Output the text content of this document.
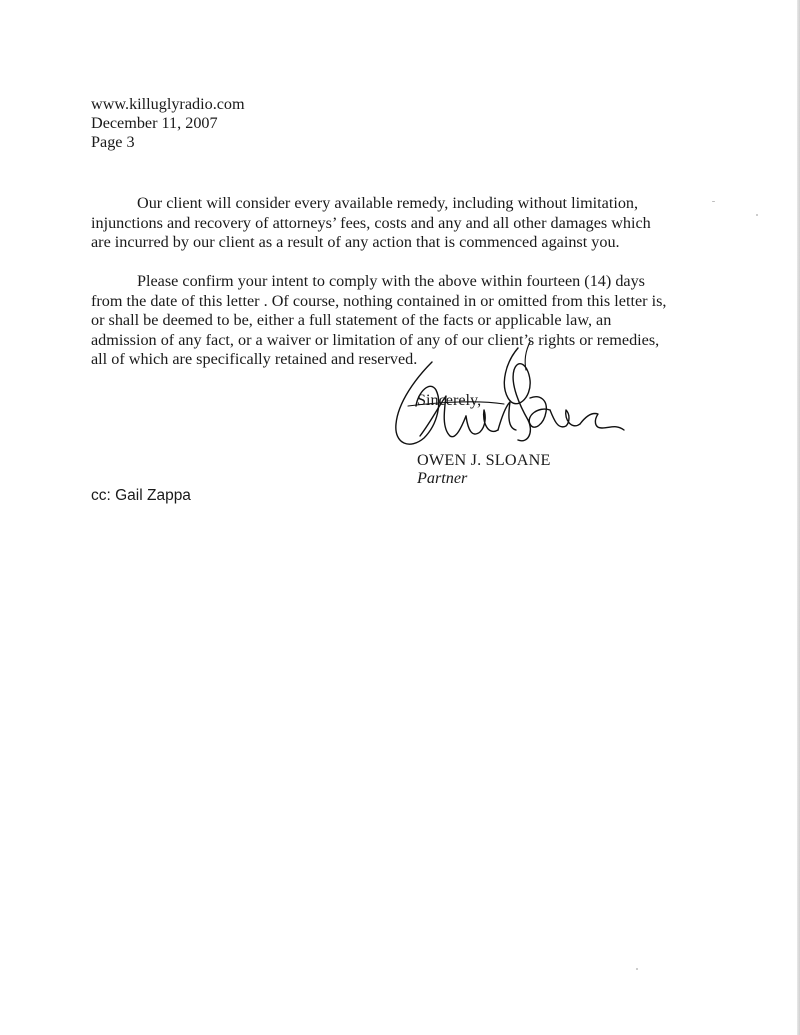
www.killuglyradio.com
December 11, 2007
Page 3
Our client will consider every available remedy, including without limitation,
injunctions and recovery of attorneys’ fees, costs and any and all other damages which
are incurred by our client as a result of any action that is commenced against you.
Please confirm your intent to comply with the above within fourteen (14) days
from the date of this letter . Of course, nothing contained in or omitted from this letter is,
or shall be deemed to be, either a full statement of the facts or applicable law, an
admission of any fact, or a waiver or limitation of any of our client’s rights or remedies,
all of which are specifically retained and reserved.
Sincerely,
OWEN J. SLOANE
Partner
cc: Gail Zappa
